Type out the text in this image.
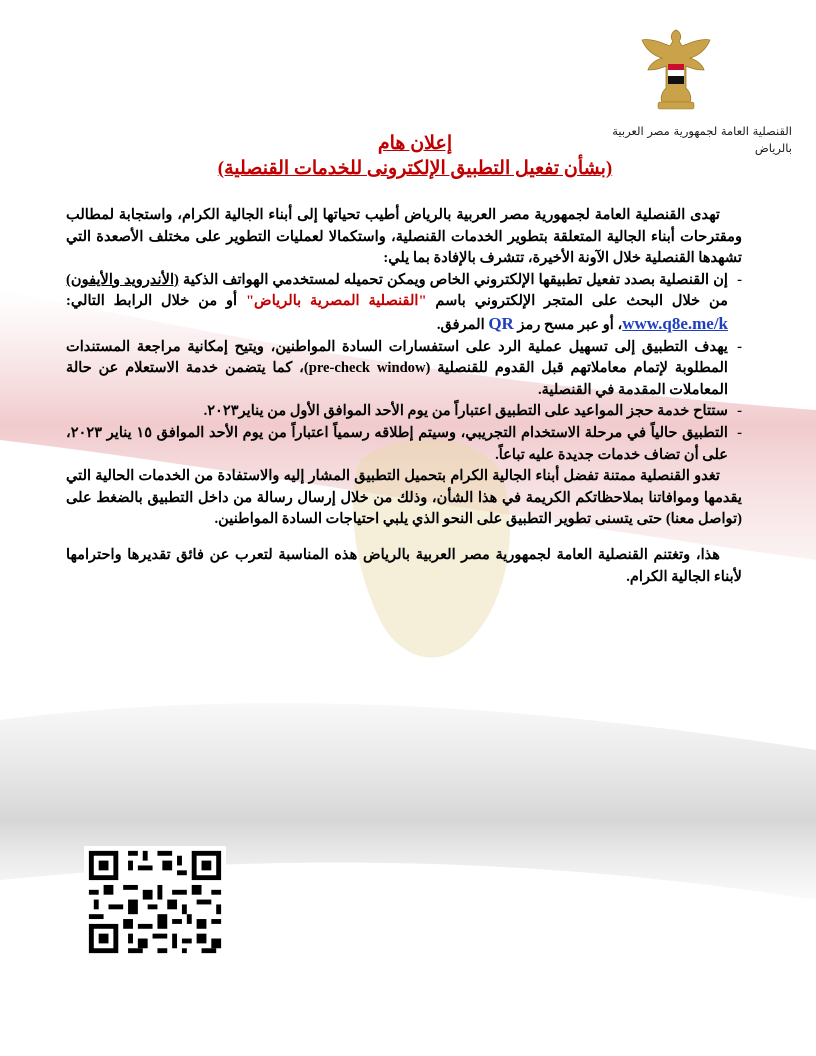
القنصلية العامة لجمهورية مصر العربية
بالرياض
إعلان هام
(بشأن تفعيل التطبيق الإلكترونى للخدمات القنصلية)

تهدى القنصلية العامة لجمهورية مصر العربية بالرياض أطيب تحياتها إلى أبناء الجالية الكرام، واستجابة لمطالب ومقترحات أبناء الجالية المتعلقة بتطوير الخدمات القنصلية، واستكمالا لعمليات التطوير على مختلف الأصعدة التي تشهدها القنصلية خلال الآونة الأخيرة، تتشرف بالإفادة بما يلي:

-
إن القنصلية بصدد تفعيل تطبيقها الإلكتروني الخاص ويمكن تحميله لمستخدمي الهواتف الذكية (الأندرويد والأيفون) من خلال البحث على المتجر الإلكتروني باسم "القنصلية المصرية بالرياض" أو من خلال الرابط التالي: www.q8e.me/k، أو عبر مسح رمز QR المرفق.
-
يهدف التطبيق إلى تسهيل عملية الرد على استفسارات السادة المواطنين، ويتيح إمكانية مراجعة المستندات المطلوبة لإتمام معاملاتهم قبل القدوم للقنصلية (pre-check window)، كما يتضمن خدمة الاستعلام عن حالة المعاملات المقدمة في القنصلية.
-
ستتاح خدمة حجز المواعيد على التطبيق اعتباراً من يوم الأحد الموافق الأول من يناير٢٠٢٣.
-
التطبيق حالياً في مرحلة الاستخدام التجريبي، وسيتم إطلاقه رسمياً اعتباراً من يوم الأحد الموافق ١٥ يناير ٢٠٢٣، على أن تضاف خدمات جديدة عليه تباعاً.

تغدو القنصلية ممتنة تفضل أبناء الجالية الكرام بتحميل التطبيق المشار إليه والاستفادة من الخدمات الحالية التي يقدمها وموافاتنا بملاحظاتكم الكريمة في هذا الشأن، وذلك من خلال إرسال رسالة من داخل التطبيق بالضغط على (تواصل معنا) حتى يتسنى تطوير التطبيق على النحو الذي يلبي احتياجات السادة المواطنين.

هذا، وتغتنم القنصلية العامة لجمهورية مصر العربية بالرياض هذه المناسبة لتعرب عن فائق تقديرها واحترامها لأبناء الجالية الكرام.
